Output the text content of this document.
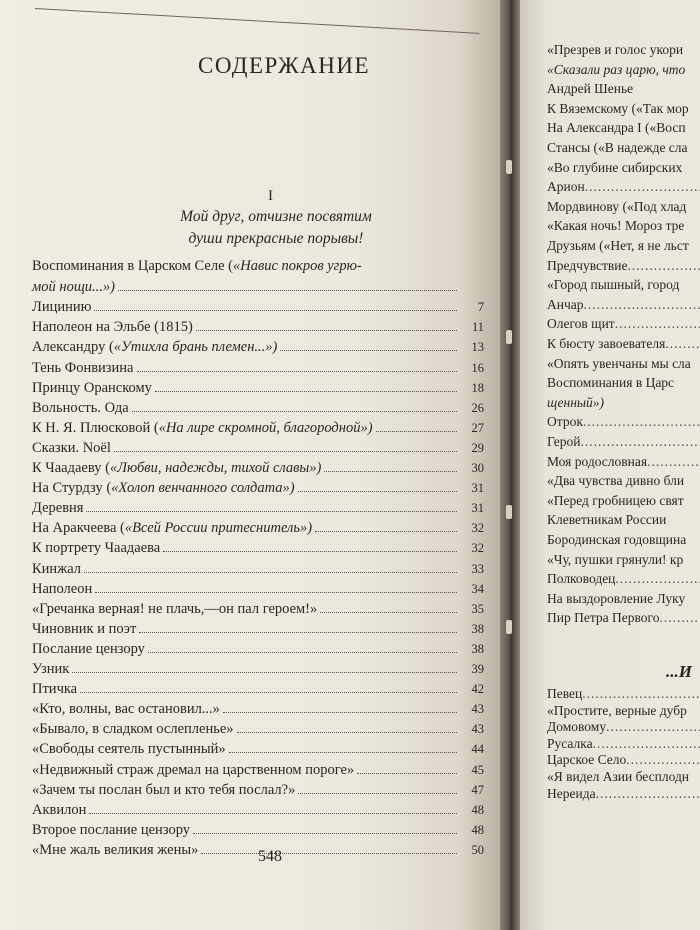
СОДЕРЖАНИЕ
I
Мой друг, отчизне посвятим
души прекрасные порывы!
Воспоминания в Царском Селе («Навис покров угрю-
мой нощи...»)
Лицинию	7
Наполеон на Эльбе (1815)	11
Александру («Утихла брань племен...»)	13
Тень Фонвизина	16
Принцу Оранскому	18
Вольность. Ода	26
К Н. Я. Плюсковой («На лире скромной, благородной»)	27
Сказки. Noël	29
К Чаадаеву («Любви, надежды, тихой славы»)	30
На Стурдзу («Холоп венчанного солдата»)	31
Деревня	31
На Аракчеева («Всей России притеснитель»)	32
К портрету Чаадаева	32
Кинжал	33
Наполеон	34
«Гречанка верная! не плачь,—он пал героем!»	35
Чиновник и поэт	38
Послание цензору	38
Узник	39
Птичка	42
«Кто, волны, вас остановил...»	43
«Бывало, в сладком ослепленье»	43
«Свободы сеятель пустынный»	44
«Недвижный страж дремал на царственном пороге»	45
«Зачем ты послан был и кто тебя послал?»	47
Аквилон	48
Второе послание цензору	48
«Мне жаль великия жены»	50
548
«Презрев и голос укори
«Сказали раз царю, что
Андрей Шенье
К Вяземскому («Так мор
На Александра I («Восп
Стансы («В надежде сла
«Во глубине сибирских
Арион .....
Мордвинову («Под хлад
«Какая ночь! Мороз тре
Друзьям («Нет, я не льст
Предчувствие .....
«Город пышный, город
Анчар .....
Олегов щит .....
К бюсту завоевателя .....
«Опять увенчаны мы сла
Воспоминания в Царс
щенный»)
Отрок .....
Герой .....
Моя родословная .....
«Два чувства дивно бли
«Перед гробницею свят
Клеветникам России
Бородинская годовщина
«Чу, пушки грянули! кр
Полководец .....
На выздоровление Луку
Пир Петра Первого .....
Певец .....
«Простите, верные дубр
Домовому .....
Русалка .....
Царское Село .....
«Я видел Азии бесплодн
Нереида .....
...И
